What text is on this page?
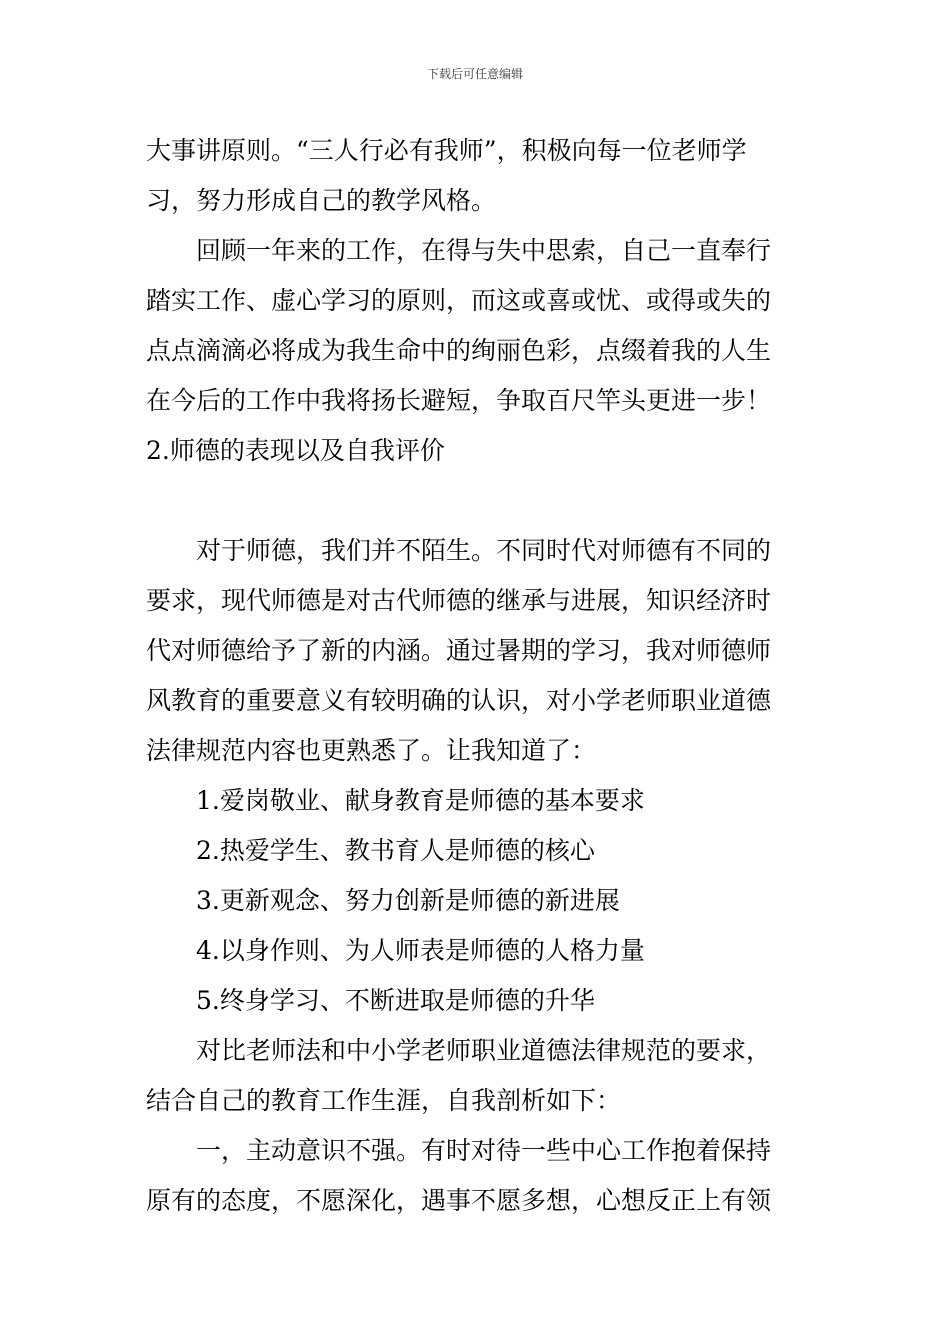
下载后可任意编辑
大事讲原则。“三人行必有我师”，积极向每一位老师学
习，努力形成自己的教学风格。
回顾一年来的工作，在得与失中思索，自己一直奉行
踏实工作、虚心学习的原则，而这或喜或忧、或得或失的
点点滴滴必将成为我生命中的绚丽色彩，点缀着我的人生
在今后的工作中我将扬长避短，争取百尺竿头更进一步！
2.师德的表现以及自我评价
对于师德，我们并不陌生。不同时代对师德有不同的
要求，现代师德是对古代师德的继承与进展，知识经济时
代对师德给予了新的内涵。通过暑期的学习，我对师德师
风教育的重要意义有较明确的认识，对小学老师职业道德
法律规范内容也更熟悉了。让我知道了：
1.爱岗敬业、献身教育是师德的基本要求
2.热爱学生、教书育人是师德的核心
3.更新观念、努力创新是师德的新进展
4.以身作则、为人师表是师德的人格力量
5.终身学习、不断进取是师德的升华
对比老师法和中小学老师职业道德法律规范的要求，
结合自己的教育工作生涯，自我剖析如下：
一，主动意识不强。有时对待一些中心工作抱着保持
原有的态度，不愿深化，遇事不愿多想，心想反正上有领
